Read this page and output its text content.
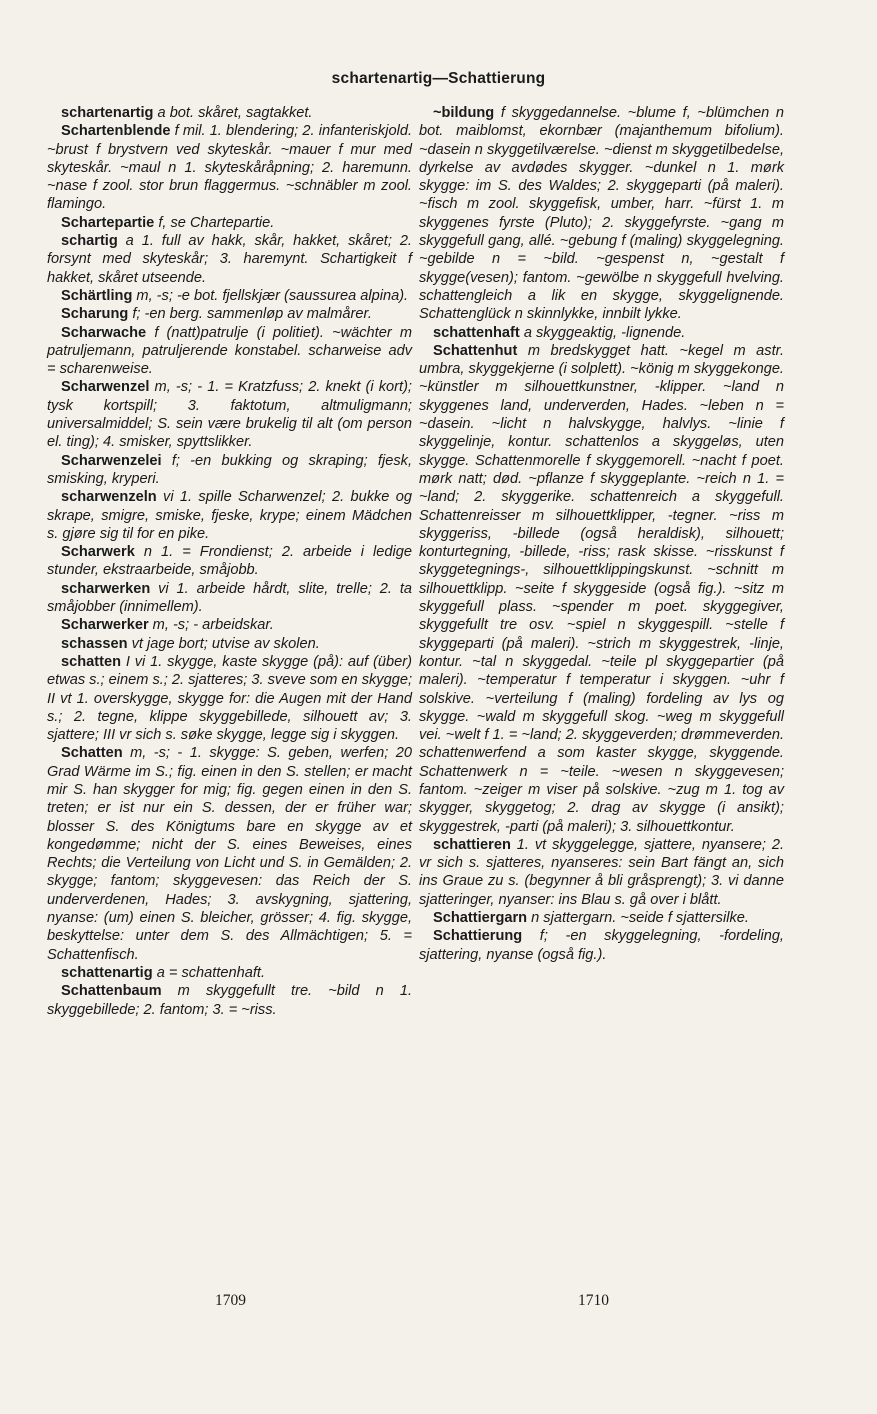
schartenartig—Schattierung

schartenartig a bot. skåret, sagtakket.

Schartenblende f mil. 1. blendering; 2. infanteriskjold. ~brust f brystvern ved skyteskår. ~mauer f mur med skyteskår. ~maul n 1. skyteskåråpning; 2. haremunn. ~nase f zool. stor brun flaggermus. ~schnäbler m zool. flamingo.

Schartepartie f, se Chartepartie.

schartig a 1. full av hakk, skår, hakket, skåret; 2. forsynt med skyteskår; 3. haremynt. Schartigkeit f hakket, skåret utseende.

Schärtling m, -s; -e bot. fjellskjær (saussurea alpina).

Scharung f; -en berg. sammenløp av malmårer.

Scharwache f (natt)patrulje (i politiet). ~wächter m patruljemann, patruljerende konstabel. scharweise adv = scharenweise.

Scharwenzel m, -s; - 1. = Kratzfuss; 2. knekt (i kort); tysk kortspill; 3. faktotum, altmuligmann; universalmiddel; S. sein være brukelig til alt (om person el. ting); 4. smisker, spyttslikker.

Scharwenzelei f; -en bukking og skraping; fjesk, smisking, kryperi.

scharwenzeln vi 1. spille Scharwenzel; 2. bukke og skrape, smigre, smiske, fjeske, krype; einem Mädchen s. gjøre sig til for en pike.

Scharwerk n 1. = Frondienst; 2. arbeide i ledige stunder, ekstraarbeide, småjobb.

scharwerken vi 1. arbeide hårdt, slite, trelle; 2. ta småjobber (innimellem).

Scharwerker m, -s; - arbeidskar.

schassen vt jage bort; utvise av skolen.

schatten I vi 1. skygge, kaste skygge (på): auf (über) etwas s.; einem s.; 2. sjatteres; 3. sveve som en skygge; II vt 1. overskygge, skygge for: die Augen mit der Hand s.; 2. tegne, klippe skyggebillede, silhouett av; 3. sjattere; III vr sich s. søke skygge, legge sig i skyggen.

Schatten m, -s; - 1. skygge: S. geben, werfen; 20 Grad Wärme im S.; fig. einen in den S. stellen; er macht mir S. han skygger for mig; fig. gegen einen in den S. treten; er ist nur ein S. dessen, der er früher war; blosser S. des Königtums bare en skygge av et kongedømme; nicht der S. eines Beweises, eines Rechts; die Verteilung von Licht und S. in Gemälden; 2. skygge; fantom; skyggevesen: das Reich der S. underverdenen, Hades; 3. avskygning, sjattering, nyanse: (um) einen S. bleicher, grösser; 4. fig. skygge, beskyttelse: unter dem S. des Allmächtigen; 5. = Schattenfisch.

schattenartig a = schattenhaft.

Schattenbaum m skyggefullt tre. ~bild n 1. skyggebillede; 2. fantom; 3. = ~riss.

~bildung f skyggedannelse. ~blume f, ~blümchen n bot. maiblomst, ekornbær (majanthemum bifolium). ~dasein n skyggetilværelse. ~dienst m skyggetilbedelse, dyrkelse av avdødes skygger. ~dunkel n 1. mørk skygge: im S. des Waldes; 2. skyggeparti (på maleri). ~fisch m zool. skyggefisk, umber, harr. ~fürst 1. m skyggenes fyrste (Pluto); 2. skyggefyrste. ~gang m skyggefull gang, allé. ~gebung f (maling) skyggelegning. ~gebilde n = ~bild. ~gespenst n, ~gestalt f skygge(vesen); fantom. ~gewölbe n skyggefull hvelving. schattengleich a lik en skygge, skyggelignende. Schattenglück n skinnlykke, innbilt lykke.

schattenhaft a skyggeaktig, -lignende.

Schattenhut m bredskygget hatt. ~kegel m astr. umbra, skyggekjerne (i solplett). ~könig m skyggekonge. ~künstler m silhouettkunstner, -klipper. ~land n skyggenes land, underverden, Hades. ~leben n = ~dasein. ~licht n halvskygge, halvlys. ~linie f skyggelinje, kontur. schattenlos a skyggeløs, uten skygge. Schattenmorelle f skyggemorell. ~nacht f poet. mørk natt; død. ~pflanze f skyggeplante. ~reich n 1. = ~land; 2. skyggerike. schattenreich a skyggefull. Schattenreisser m silhouettklipper, -tegner. ~riss m skyggeriss, -billede (også heraldisk), silhouett; konturtegning, -billede, -riss; rask skisse. ~risskunst f skyggetegnings-, silhouettklippingskunst. ~schnitt m silhouettklipp. ~seite f skyggeside (også fig.). ~sitz m skyggefull plass. ~spender m poet. skyggegiver, skyggefullt tre osv. ~spiel n skyggespill. ~stelle f skyggeparti (på maleri). ~strich m skyggestrek, -linje, kontur. ~tal n skyggedal. ~teile pl skyggepartier (på maleri). ~temperatur f temperatur i skyggen. ~uhr f solskive. ~verteilung f (maling) fordeling av lys og skygge. ~wald m skyggefull skog. ~weg m skyggefull vei. ~welt f 1. = ~land; 2. skyggeverden; drømmeverden. schattenwerfend a som kaster skygge, skyggende. Schattenwerk n = ~teile. ~wesen n skyggevesen; fantom. ~zeiger m viser på solskive. ~zug m 1. tog av skygger, skyggetog; 2. drag av skygge (i ansikt); skyggestrek, -parti (på maleri); 3. silhouettkontur.

schattieren 1. vt skyggelegge, sjattere, nyansere; 2. vr sich s. sjatteres, nyanseres: sein Bart fängt an, sich ins Graue zu s. (begynner å bli gråsprengt); 3. vi danne sjatteringer, nyanser: ins Blau s. gå over i blått.

Schattiergarn n sjattergarn. ~seide f sjattersilke.

Schattierung f; -en skyggelegning, -fordeling, sjattering, nyanse (også fig.).

1709	1710
